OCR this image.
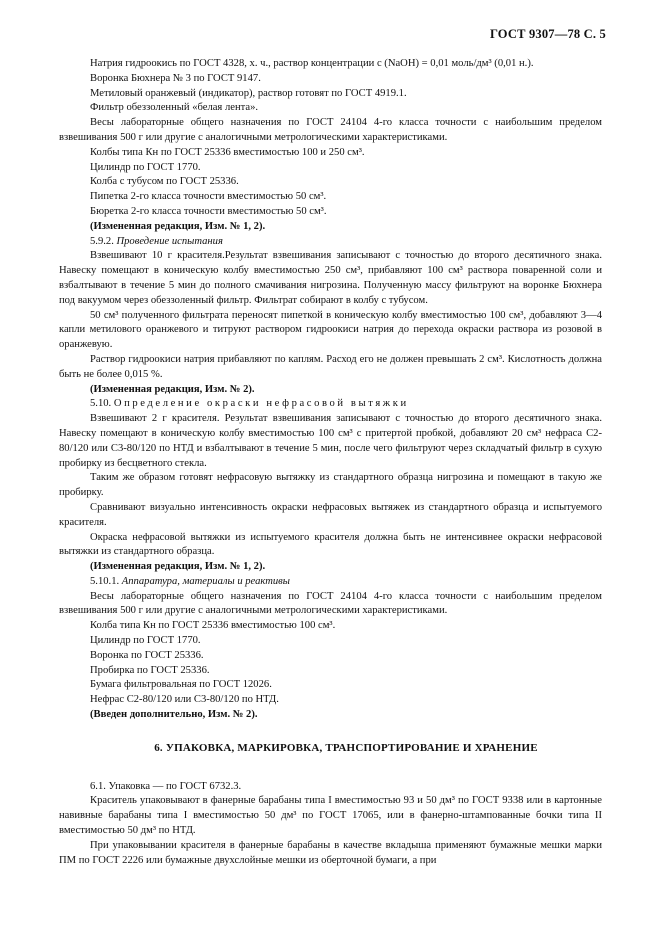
ГОСТ 9307—78 С. 5
Натрия гидроокись по ГОСТ 4328, х. ч., раствор концентрации c (NaOH) = 0,01 моль/дм³ (0,01 н.).
Воронка Бюхнера № 3 по ГОСТ 9147.
Метиловый оранжевый (индикатор), раствор готовят по ГОСТ 4919.1.
Фильтр обеззоленный «белая лента».
Весы лабораторные общего назначения по ГОСТ 24104 4-го класса точности с наибольшим пределом взвешивания 500 г или другие с аналогичными метрологическими характеристиками.
Колбы типа Кн по ГОСТ 25336 вместимостью 100 и 250 см³.
Цилиндр по ГОСТ 1770.
Колба с тубусом по ГОСТ 25336.
Пипетка 2-го класса точности вместимостью 50 см³.
Бюретка 2-го класса точности вместимостью 50 см³.
(Измененная редакция, Изм. № 1, 2).
5.9.2. Проведение испытания
Взвешивают 10 г красителя.Результат взвешивания записывают с точностью до второго десятичного знака. Навеску помещают в коническую колбу вместимостью 250 см³, прибавляют 100 см³ раствора поваренной соли и взбалтывают в течение 5 мин до полного смачивания нигрозина. Полученную массу фильтруют на воронке Бюхнера под вакуумом через обеззоленный фильтр. Фильтрат собирают в колбу с тубусом.
50 см³ полученного фильтрата переносят пипеткой в коническую колбу вместимостью 100 см³, добавляют 3—4 капли метилового оранжевого и титруют раствором гидроокиси натрия до перехода окраски раствора из розовой в оранжевую.
Раствор гидроокиси натрия прибавляют по каплям. Расход его не должен превышать 2 см³. Кислотность должна быть не более 0,015 %.
(Измененная редакция, Изм. № 2).
5.10. Определение окраски нефрасовой вытяжки
Взвешивают 2 г красителя. Результат взвешивания записывают с точностью до второго десятичного знака. Навеску помещают в коническую колбу вместимостью 100 см³ с притертой пробкой, добавляют 20 см³ нефраса С2-80/120 или С3-80/120 по НТД и взбалтывают в течение 5 мин, после чего фильтруют через складчатый фильтр в сухую пробирку из бесцветного стекла.
Таким же образом готовят нефрасовую вытяжку из стандартного образца нигрозина и помещают в такую же пробирку.
Сравнивают визуально интенсивность окраски нефрасовых вытяжек из стандартного образца и испытуемого красителя.
Окраска нефрасовой вытяжки из испытуемого красителя должна быть не интенсивнее окраски нефрасовой вытяжки из стандартного образца.
(Измененная редакция, Изм. № 1, 2).
5.10.1. Аппаратура, материалы и реактивы
Весы лабораторные общего назначения по ГОСТ 24104 4-го класса точности с наибольшим пределом взвешивания 500 г или другие с аналогичными метрологическими характеристиками.
Колба типа Кн по ГОСТ 25336 вместимостью 100 см³.
Цилиндр по ГОСТ 1770.
Воронка по ГОСТ 25336.
Пробирка по ГОСТ 25336.
Бумага фильтровальная по ГОСТ 12026.
Нефрас С2-80/120 или С3-80/120 по НТД.
(Введен дополнительно, Изм. № 2).
6. УПАКОВКА, МАРКИРОВКА, ТРАНСПОРТИРОВАНИЕ И ХРАНЕНИЕ
6.1. Упаковка — по ГОСТ 6732.3.
Краситель упаковывают в фанерные барабаны типа I вместимостью 93 и 50 дм³ по ГОСТ 9338 или в картонные навивные барабаны типа I вместимостью 50 дм³ по ГОСТ 17065, или в фанерно-штампованные бочки типа II вместимостью 50 дм³ по НТД.
При упаковывании красителя в фанерные барабаны в качестве вкладыша применяют бумажные мешки марки ПМ по ГОСТ 2226 или бумажные двухслойные мешки из оберточной бумаги, а при
